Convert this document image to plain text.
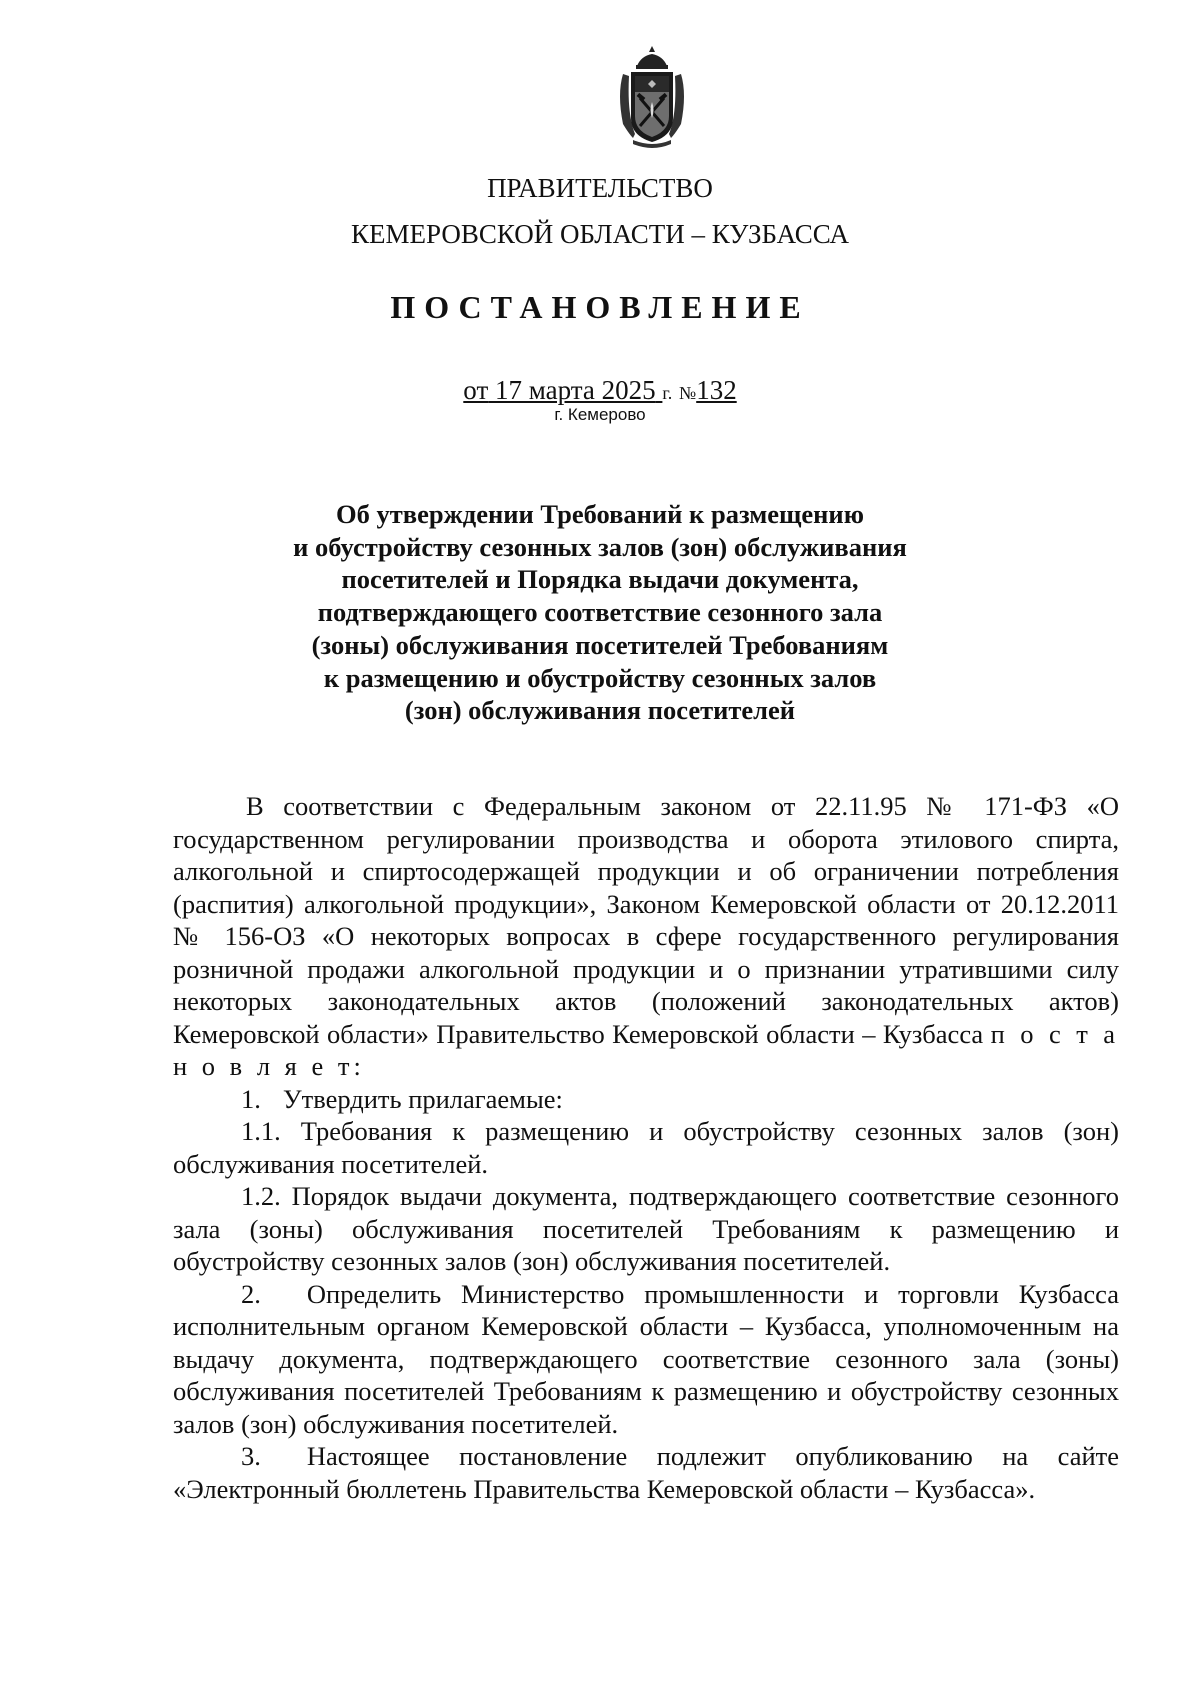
ПРАВИТЕЛЬСТВО
КЕМЕРОВСКОЙ ОБЛАСТИ – КУЗБАССА
ПОСТАНОВЛЕНИЕ
от 17 марта 2025 г. №132
г. Кемерово
Об утверждении Требований к размещению
и обустройству сезонных залов (зон) обслуживания
посетителей и Порядка выдачи документа,
подтверждающего соответствие сезонного зала
(зоны) обслуживания посетителей Требованиям
к размещению и обустройству сезонных залов
(зон) обслуживания посетителей

В соответствии с Федеральным законом от 22.11.95 № 171-ФЗ «О государственном регулировании производства и оборота этилового спирта, алкогольной и спиртосодержащей продукции и об ограничении потребления (распития) алкогольной продукции», Законом Кемеровской области от 20.12.2011 № 156-ОЗ «О некоторых вопросах в сфере государственного регулирования розничной продажи алкогольной продукции и о признании утратившими силу некоторых законодательных актов (положений законодательных актов) Кемеровской области» Правительство Кемеровской области – Кузбасса п о с т а н о в л я е т:

1. Утвердить прилагаемые:

1.1. Требования к размещению и обустройству сезонных залов (зон) обслуживания посетителей.

1.2. Порядок выдачи документа, подтверждающего соответствие сезонного зала (зоны) обслуживания посетителей Требованиям к размещению и обустройству сезонных залов (зон) обслуживания посетителей.

2. Определить Министерство промышленности и торговли Кузбасса исполнительным органом Кемеровской области – Кузбасса, уполномоченным на выдачу документа, подтверждающего соответствие сезонного зала (зоны) обслуживания посетителей Требованиям к размещению и обустройству сезонных залов (зон) обслуживания посетителей.

3. Настоящее постановление подлежит опубликованию на сайте «Электронный бюллетень Правительства Кемеровской области – Кузбасса».
